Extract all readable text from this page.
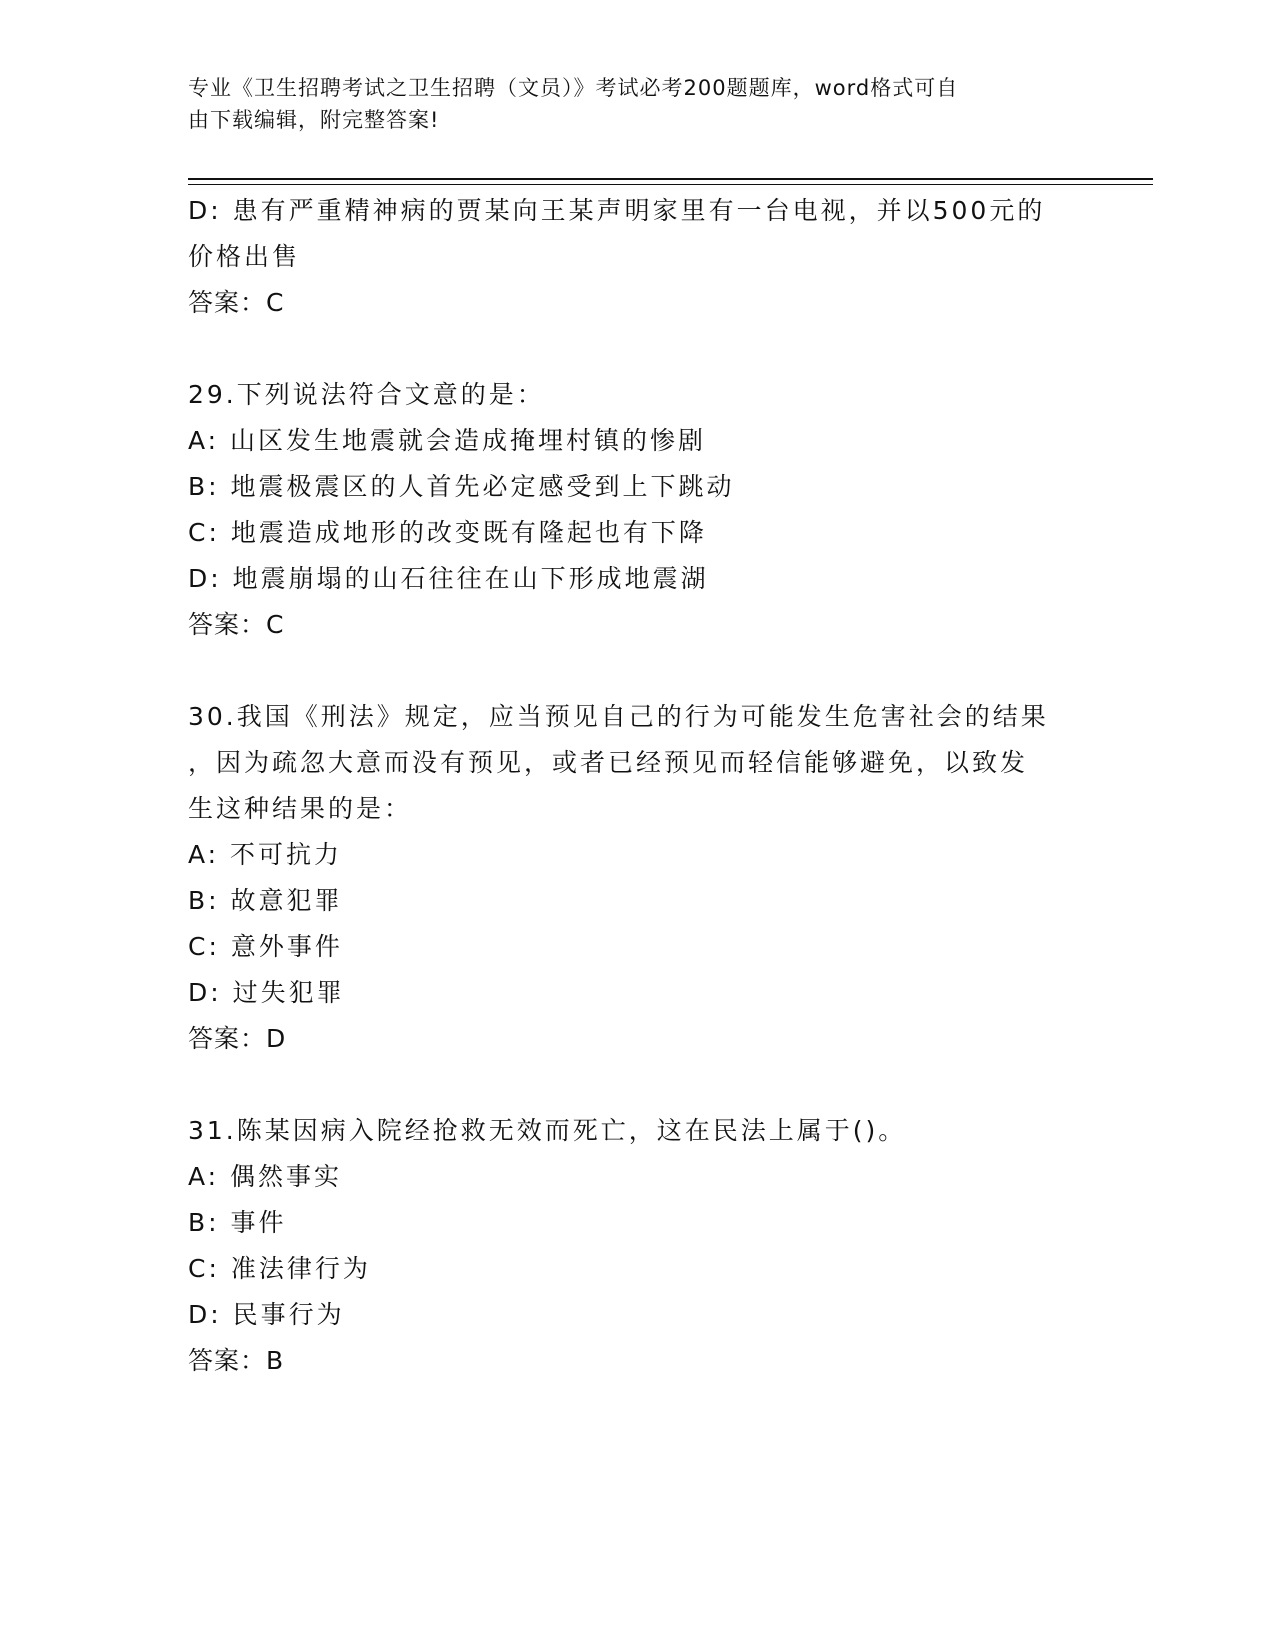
专业《卫生招聘考试之卫生招聘（文员）》考试必考200题题库，word格式可自
由下载编辑，附完整答案!
D: 患有严重精神病的贾某向王某声明家里有一台电视，并以500元的
价格出售
答案：C
29.下列说法符合文意的是：
A: 山区发生地震就会造成掩埋村镇的惨剧
B: 地震极震区的人首先必定感受到上下跳动
C: 地震造成地形的改变既有隆起也有下降
D: 地震崩塌的山石往往在山下形成地震湖
答案：C
30.我国《刑法》规定，应当预见自己的行为可能发生危害社会的结果
，因为疏忽大意而没有预见，或者已经预见而轻信能够避免，以致发
生这种结果的是：
A: 不可抗力
B: 故意犯罪
C: 意外事件
D: 过失犯罪
答案：D
31.陈某因病入院经抢救无效而死亡，这在民法上属于()。
A: 偶然事实
B: 事件
C: 准法律行为
D: 民事行为
答案：B
